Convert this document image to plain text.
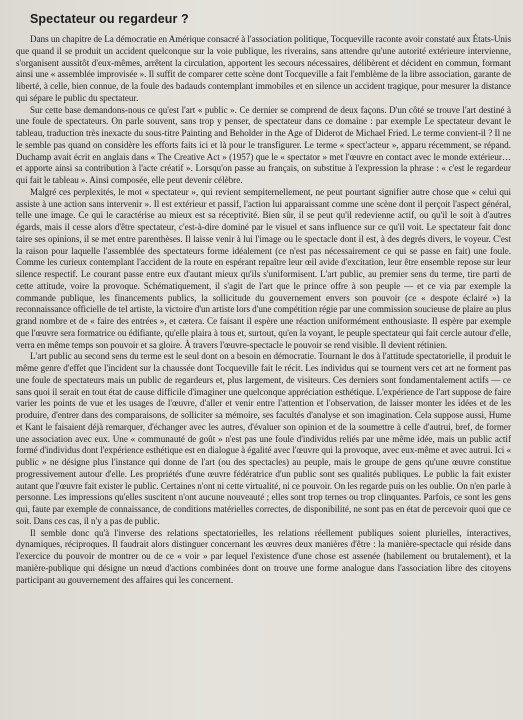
Spectateur ou regardeur ?

Dans un chapitre de La démocratie en Amérique consacré à l'association politique, Tocqueville raconte avoir constaté aux États-Unis que quand il se produit un accident quelconque sur la voie publique, les riverains, sans attendre qu'une autorité extérieure intervienne, s'organisent aussitôt d'eux-mêmes, arrêtent la circulation, apportent les secours nécessaires, délibèrent et décident en commun, formant ainsi une « assemblée improvisée ». Il suffit de comparer cette scène dont Tocqueville a fait l'emblème de la libre association, garante de liberté, à celle, bien connue, de la foule des badauds contemplant immobiles et en silence un accident tragique, pour mesurer la distance qui sépare le public du spectateur.

Sur cette base demandons-nous ce qu'est l'art « public ». Ce dernier se comprend de deux façons. D'un côté se trouve l'art destiné à une foule de spectateurs. On parle souvent, sans trop y penser, de spectateur dans ce domaine : par exemple Le spectateur devant le tableau, traduction très inexacte du sous-titre Painting and Beholder in the Age of Diderot de Michael Fried. Le terme convient-il ? Il ne le semble pas quand on considère les efforts faits ici et là pour le transfigurer. Le terme « spect'acteur », apparu récemment, se répand. Duchamp avait écrit en anglais dans « The Creative Act » (1957) que le « spectator » met l'œuvre en contact avec le monde extérieur… et apporte ainsi sa contribution à l'acte créatif ». Lorsqu'on passe au français, on substitue à l'expression la phrase : « c'est le regardeur qui fait le tableau ». Ainsi composée, elle peut devenir célèbre.

Malgré ces perplexités, le mot « spectateur », qui revient sempiternellement, ne peut pourtant signifier autre chose que « celui qui assiste à une action sans intervenir ». Il est extérieur et passif, l'action lui apparaissant comme une scène dont il perçoit l'aspect général, telle une image. Ce qui le caractérise au mieux est sa réceptivité. Bien sûr, il se peut qu'il redevienne actif, ou qu'il le soit à d'autres égards, mais il cesse alors d'être spectateur, c'est-à-dire dominé par le visuel et sans influence sur ce qu'il voit. Le spectateur fait donc taire ses opinions, il se met entre parenthèses. Il laisse venir à lui l'image ou le spectacle dont il est, à des degrés divers, le voyeur. C'est la raison pour laquelle l'assemblée des spectateurs forme idéalement (ce n'est pas nécessairement ce qui se passe en fait) une foule. Comme les curieux contemplant l'accident de la route en espérant repaître leur œil avide d'excitation, leur être ensemble repose sur leur silence respectif. Le courant passe entre eux d'autant mieux qu'ils s'uniformisent. L'art public, au premier sens du terme, tire parti de cette attitude, voire la provoque. Schématiquement, il s'agit de l'art que le prince offre à son peuple — et ce via par exemple la commande publique, les financements publics, la sollicitude du gouvernement envers son pouvoir (ce « despote éclairé ») la reconnaissance officielle de tel artiste, la victoire d'un artiste lors d'une compétition régie par une commission soucieuse de plaire au plus grand nombre et de « faire des entrées », et cætera. Ce faisant il espère une réaction uniformément enthousiaste. Il espère par exemple que l'œuvre sera formatrice ou édifiante, qu'elle plaira à tous et, surtout, qu'en la voyant, le peuple spectateur qui fait cercle autour d'elle, verra en même temps son pouvoir et sa gloire. À travers l'œuvre-spectacle le pouvoir se rend visible. Il devient rétinien.

L'art public au second sens du terme est le seul dont on a besoin en démocratie. Tournant le dos à l'attitude spectatorielle, il produit le même genre d'effet que l'incident sur la chaussée dont Tocqueville fait le récit. Les individus qui se tournent vers cet art ne forment pas une foule de spectateurs mais un public de regardeurs et, plus largement, de visiteurs. Ces derniers sont fondamentalement actifs — ce sans quoi il serait en tout état de cause difficile d'imaginer une quelconque appréciation esthétique. L'expérience de l'art suppose de faire varier les points de vue et les usages de l'œuvre, d'aller et venir entre l'attention et l'observation, de laisser monter les idées et de les produire, d'entrer dans des comparaisons, de solliciter sa mémoire, ses facultés d'analyse et son imagination. Cela suppose aussi, Hume et Kant le faisaient déjà remarquer, d'échanger avec les autres, d'évaluer son opinion et de la soumettre à celle d'autrui, bref, de former une association avec eux. Une « communauté de goût » n'est pas une foule d'individus reliés par une même idée, mais un public actif formé d'individus dont l'expérience esthétique est en dialogue à égalité avec l'œuvre qui la provoque, avec eux-même et avec autrui. Ici « public » ne désigne plus l'instance qui donne de l'art (ou des spectacles) au peuple, mais le groupe de gens qu'une œuvre constitue progressivement autour d'elle. Les propriétés d'une œuvre fédératrice d'un public sont ses qualités publiques. Le public la fait exister autant que l'œuvre fait exister le public. Certaines n'ont ni cette virtualité, ni ce pouvoir. On les regarde puis on les oublie. On n'en parle à personne. Les impressions qu'elles suscitent n'ont aucune nouveauté ; elles sont trop ternes ou trop clinquantes. Parfois, ce sont les gens qui, faute par exemple de connaissance, de conditions matérielles correctes, de disponibilité, ne sont pas en état de percevoir quoi que ce soit. Dans ces cas, il n'y a pas de public.

Il semble donc qu'à l'inverse des relations spectatorielles, les relations réellement publiques soient plurielles, interactives, dynamiques, réciproques. Il faudrait alors distinguer concernant les œuvres deux manières d'être : la manière-spectacle qui réside dans l'exercice du pouvoir de montrer ou de ce « voir » par lequel l'existence d'une chose est assenée (habilement ou brutalement), et la manière-publique qui désigne un nœud d'actions combinées dont on trouve une forme analogue dans l'association libre des citoyens participant au gouvernement des affaires qui les concernent.
